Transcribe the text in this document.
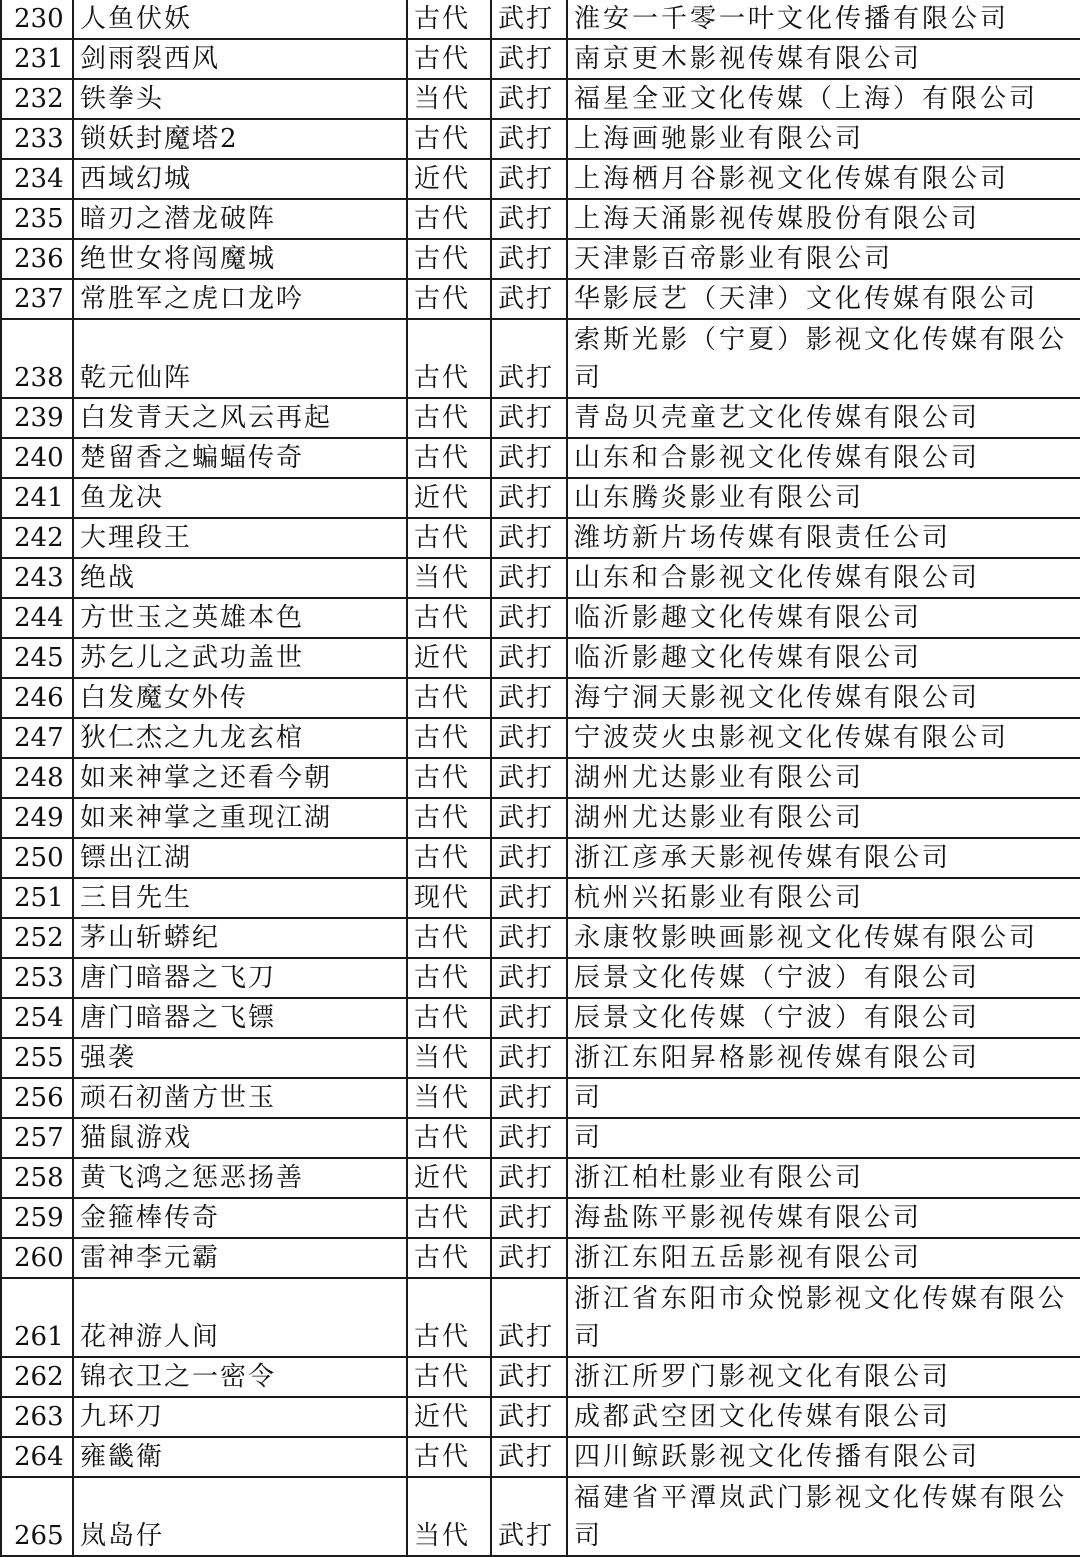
230	人鱼伏妖	古代	武打	淮安一千零一叶文化传播有限公司
231	剑雨裂西风	古代	武打	南京更木影视传媒有限公司
232	铁拳头	当代	武打	福星全亚文化传媒（上海）有限公司
233	锁妖封魔塔2	古代	武打	上海画驰影业有限公司
234	西域幻城	近代	武打	上海栖月谷影视文化传媒有限公司
235	暗刃之潜龙破阵	古代	武打	上海天涌影视传媒股份有限公司
236	绝世女将闯魔城	古代	武打	天津影百帝影业有限公司
237	常胜军之虎口龙吟	古代	武打	华影辰艺（天津）文化传媒有限公司
238	乾元仙阵	古代	武打	索斯光影（宁夏）影视文化传媒有限公司
239	白发青天之风云再起	古代	武打	青岛贝壳童艺文化传媒有限公司
240	楚留香之蝙蝠传奇	古代	武打	山东和合影视文化传媒有限公司
241	鱼龙决	近代	武打	山东腾炎影业有限公司
242	大理段王	古代	武打	潍坊新片场传媒有限责任公司
243	绝战	当代	武打	山东和合影视文化传媒有限公司
244	方世玉之英雄本色	古代	武打	临沂影趣文化传媒有限公司
245	苏乞儿之武功盖世	近代	武打	临沂影趣文化传媒有限公司
246	白发魔女外传	古代	武打	海宁洞天影视文化传媒有限公司
247	狄仁杰之九龙玄棺	古代	武打	宁波荧火虫影视文化传媒有限公司
248	如来神掌之还看今朝	古代	武打	湖州尤达影业有限公司
249	如来神掌之重现江湖	古代	武打	湖州尤达影业有限公司
250	镖出江湖	古代	武打	浙江彦承天影视传媒有限公司
251	三目先生	现代	武打	杭州兴拓影业有限公司
252	茅山斩蟒纪	古代	武打	永康牧影映画影视文化传媒有限公司
253	唐门暗器之飞刀	古代	武打	辰景文化传媒（宁波）有限公司
254	唐门暗器之飞镖	古代	武打	辰景文化传媒（宁波）有限公司
255	强袭	当代	武打	浙江东阳昇格影视传媒有限公司
256	顽石初凿方世玉	当代	武打	司
257	猫鼠游戏	古代	武打	司
258	黄飞鸿之惩恶扬善	近代	武打	浙江柏杜影业有限公司
259	金箍棒传奇	古代	武打	海盐陈平影视传媒有限公司
260	雷神李元霸	古代	武打	浙江东阳五岳影视有限公司
261	花神游人间	古代	武打	浙江省东阳市众悦影视文化传媒有限公司
262	锦衣卫之一密令	古代	武打	浙江所罗门影视文化有限公司
263	九环刀	近代	武打	成都武空团文化传媒有限公司
264	雍畿衛	古代	武打	四川鲸跃影视文化传播有限公司
265	岚岛仔	当代	武打	福建省平潭岚武门影视文化传媒有限公司
